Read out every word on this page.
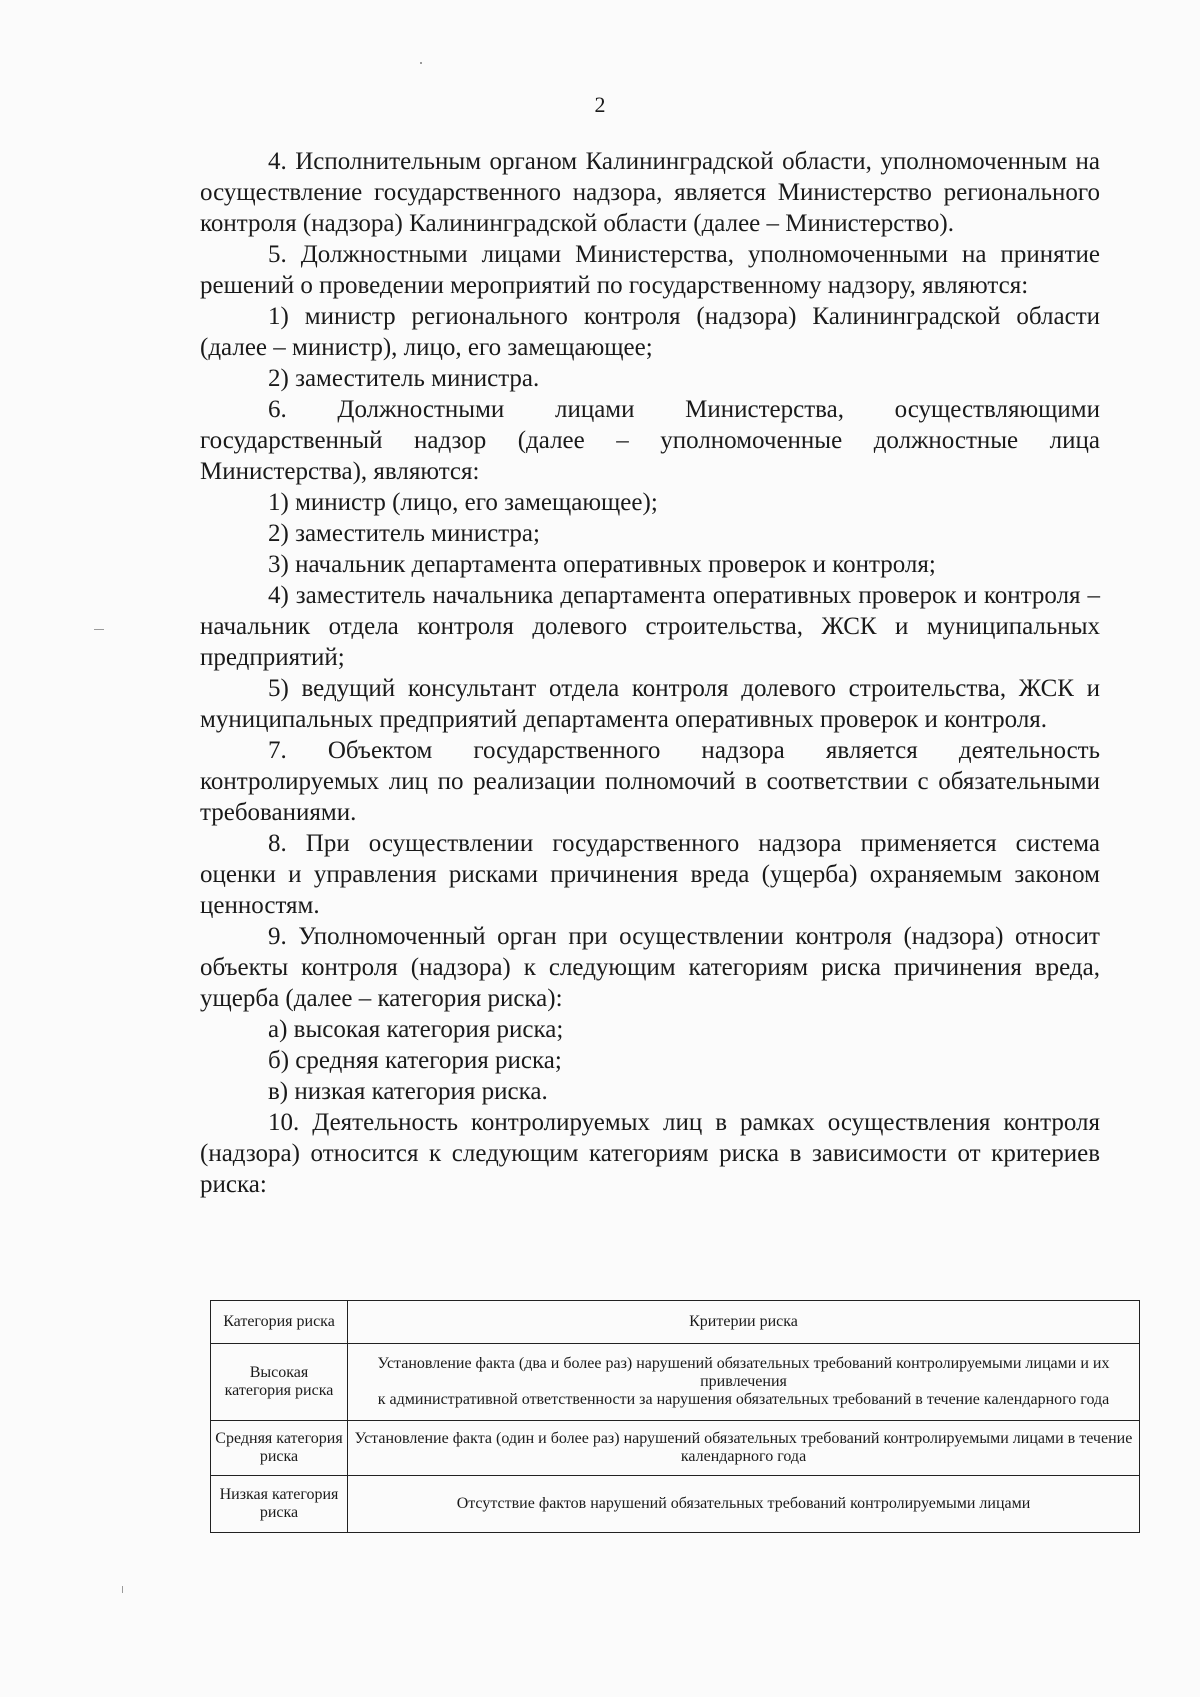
2

4. Исполнительным органом Калининградской области, уполномоченным на осуществление государственного надзора, является Министерство регионального контроля (надзора) Калининградской области (далее – Министерство).

5. Должностными лицами Министерства, уполномоченными на принятие решений о проведении мероприятий по государственному надзору, являются:

1) министр регионального контроля (надзора) Калининградской области (далее – министр), лицо, его замещающее;

2) заместитель министра.

6. Должностными лицами Министерства, осуществляющими государственный надзор (далее – уполномоченные должностные лица Министерства), являются:

1) министр (лицо, его замещающее);

2) заместитель министра;

3) начальник департамента оперативных проверок и контроля;

4) заместитель начальника департамента оперативных проверок и контроля – начальник отдела контроля долевого строительства, ЖСК и муниципальных предприятий;

5) ведущий консультант отдела контроля долевого строительства, ЖСК и муниципальных предприятий департамента оперативных проверок и контроля.

7. Объектом государственного надзора является деятельность контролируемых лиц по реализации полномочий в соответствии с обязательными требованиями.

8. При осуществлении государственного надзора применяется система оценки и управления рисками причинения вреда (ущерба) охраняемым законом ценностям.

9. Уполномоченный орган при осуществлении контроля (надзора) относит объекты контроля (надзора) к следующим категориям риска причинения вреда, ущерба (далее – категория риска):

а) высокая категория риска;

б) средняя категория риска;

в) низкая категория риска.

10. Деятельность контролируемых лиц в рамках осуществления контроля (надзора) относится к следующим категориям риска в зависимости от критериев риска:

Категория риска	Критерии риска
Высокая категория риска	Установление факта (два и более раз) нарушений обязательных требований контролируемыми лицами и их привлечения
к административной ответственности за нарушения обязательных требований в течение календарного года

Средняя категория риска	Установление факта (один и более раз) нарушений обязательных требований контролируемыми лицами в течение календарного года

Низкая категория риска	Отсутствие фактов нарушений обязательных требований контролируемыми лицами
